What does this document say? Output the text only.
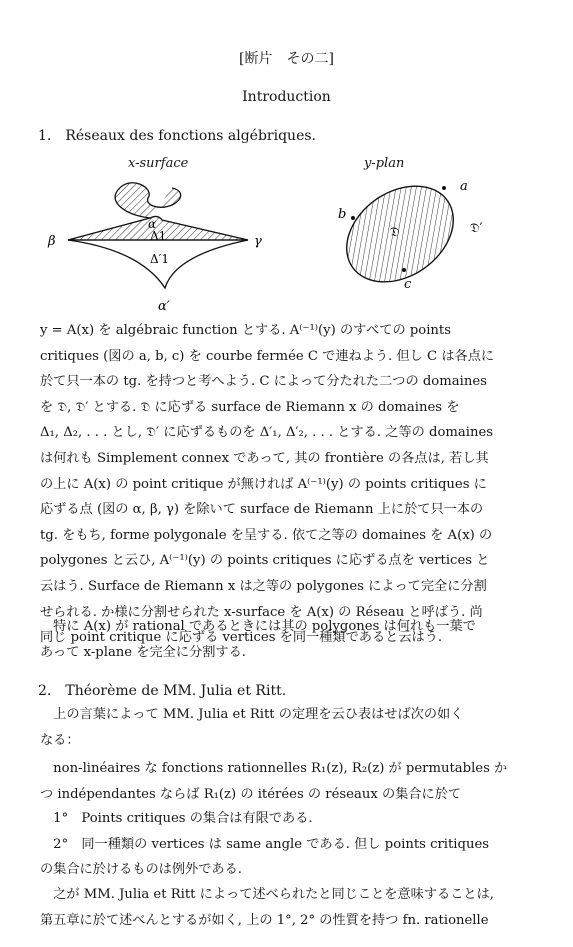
[断片　その二]
Introduction
1.　Réseaux des fonctions algébriques.
x-surface	y-plan
β	γ
α
α′
Δ1
Δ′1
a
b
c
𝔇	𝔇′
y = A(x) を algébraic function とする. A⁽⁻¹⁾(y) のすべての points
critiques (図の a, b, c) を courbe fermée C で連ねよう. 但し C は各点に
於て只一本の tg. を持つと考へよう. C によって分たれた二つの domaines
を 𝔇, 𝔇′ とする. 𝔇 に応ずる surface de Riemann x の domaines を
Δ₁, Δ₂, . . . とし, 𝔇′ に応ずるものを Δ′₁, Δ′₂, . . . とする. 之等の domaines
は何れも Simplement connex であって, 其の frontière の各点は, 若し其
の上に A(x) の point critique が無ければ A⁽⁻¹⁾(y) の points critiques に
応ずる点 (図の α, β, γ) を除いて surface de Riemann 上に於て只一本の
tg. をもち, forme polygonale を呈する. 依て之等の domaines を A(x) の
polygones と云ひ, A⁽⁻¹⁾(y) の points critiques に応ずる点を vertices と
云はう. Surface de Riemann x は之等の polygones によって完全に分割
せられる. か様に分割せられた x-surface を A(x) の Réseau と呼ばう. 尚
同じ point critique に応ずる vertices を同一種類であると云はう.
　特に A(x) が rational であるときには其の polygones は何れも一葉で
あって x-plane を完全に分割する.
2.　Théorème de MM. Julia et Ritt.
　上の言葉によって MM. Julia et Ritt の定理を云ひ表はせば次の如く
なる：
　non-linéaires な fonctions rationnelles R₁(z), R₂(z) が permutables か
つ indépendantes ならば R₁(z) の itérées の réseaux の集合に於て
　1°　Points critiques の集合は有限である.
　2°　同一種類の vertices は same angle である. 但し points critiques
の集合に於けるものは例外である.
　之が MM. Julia et Ritt によって述べられたと同じことを意味することは,
第五章に於て述べんとするが如く, 上の 1°, 2° の性質を持つ fn. rationelle
